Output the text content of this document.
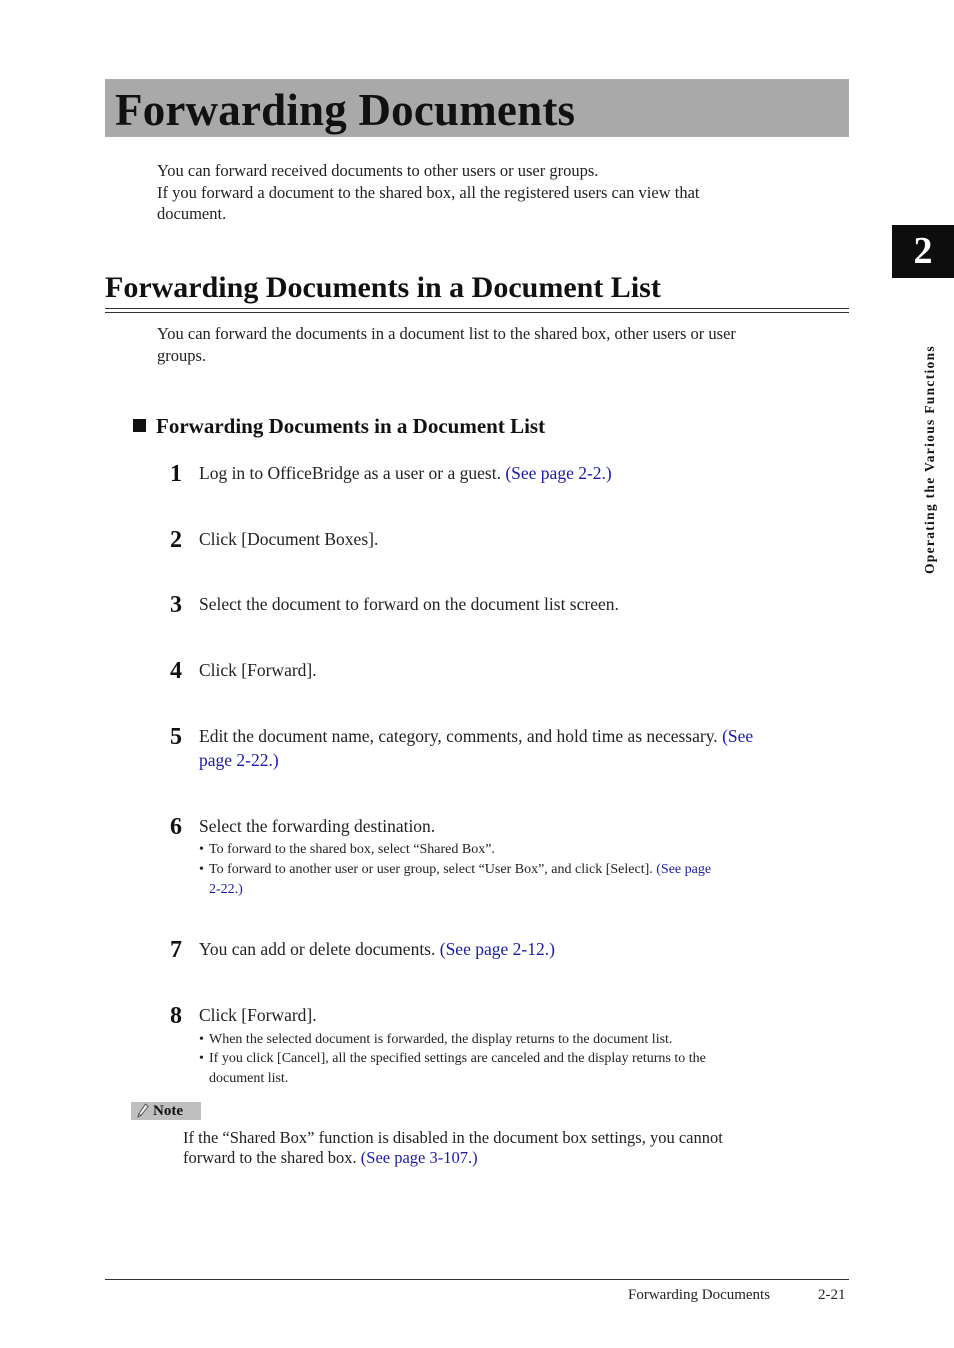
Forwarding Documents
You can forward received documents to other users or user groups.
If you forward a document to the shared box, all the registered users can view that
document.
Forwarding Documents in a Document List
You can forward the documents in a document list to the shared box, other users or user
groups.
Forwarding Documents in a Document List
1 Log in to OfficeBridge as a user or a guest. (See page 2-2.)
2 Click [Document Boxes].
3 Select the document to forward on the document list screen.
4 Click [Forward].
5 Edit the document name, category, comments, and hold time as necessary. (See
page 2-22.)
6 Select the forwarding destination.
• To forward to the shared box, select “Shared Box”.
• To forward to another user or user group, select “User Box”, and click [Select]. (See page
2-22.)
7 You can add or delete documents. (See page 2-12.)
8 Click [Forward].
• When the selected document is forwarded, the display returns to the document list.
• If you click [Cancel], all the specified settings are canceled and the display returns to the
document list.
Note
If the “Shared Box” function is disabled in the document box settings, you cannot
forward to the shared box. (See page 3-107.)
2
Operating the Various Functions
Forwarding Documents	2-21
